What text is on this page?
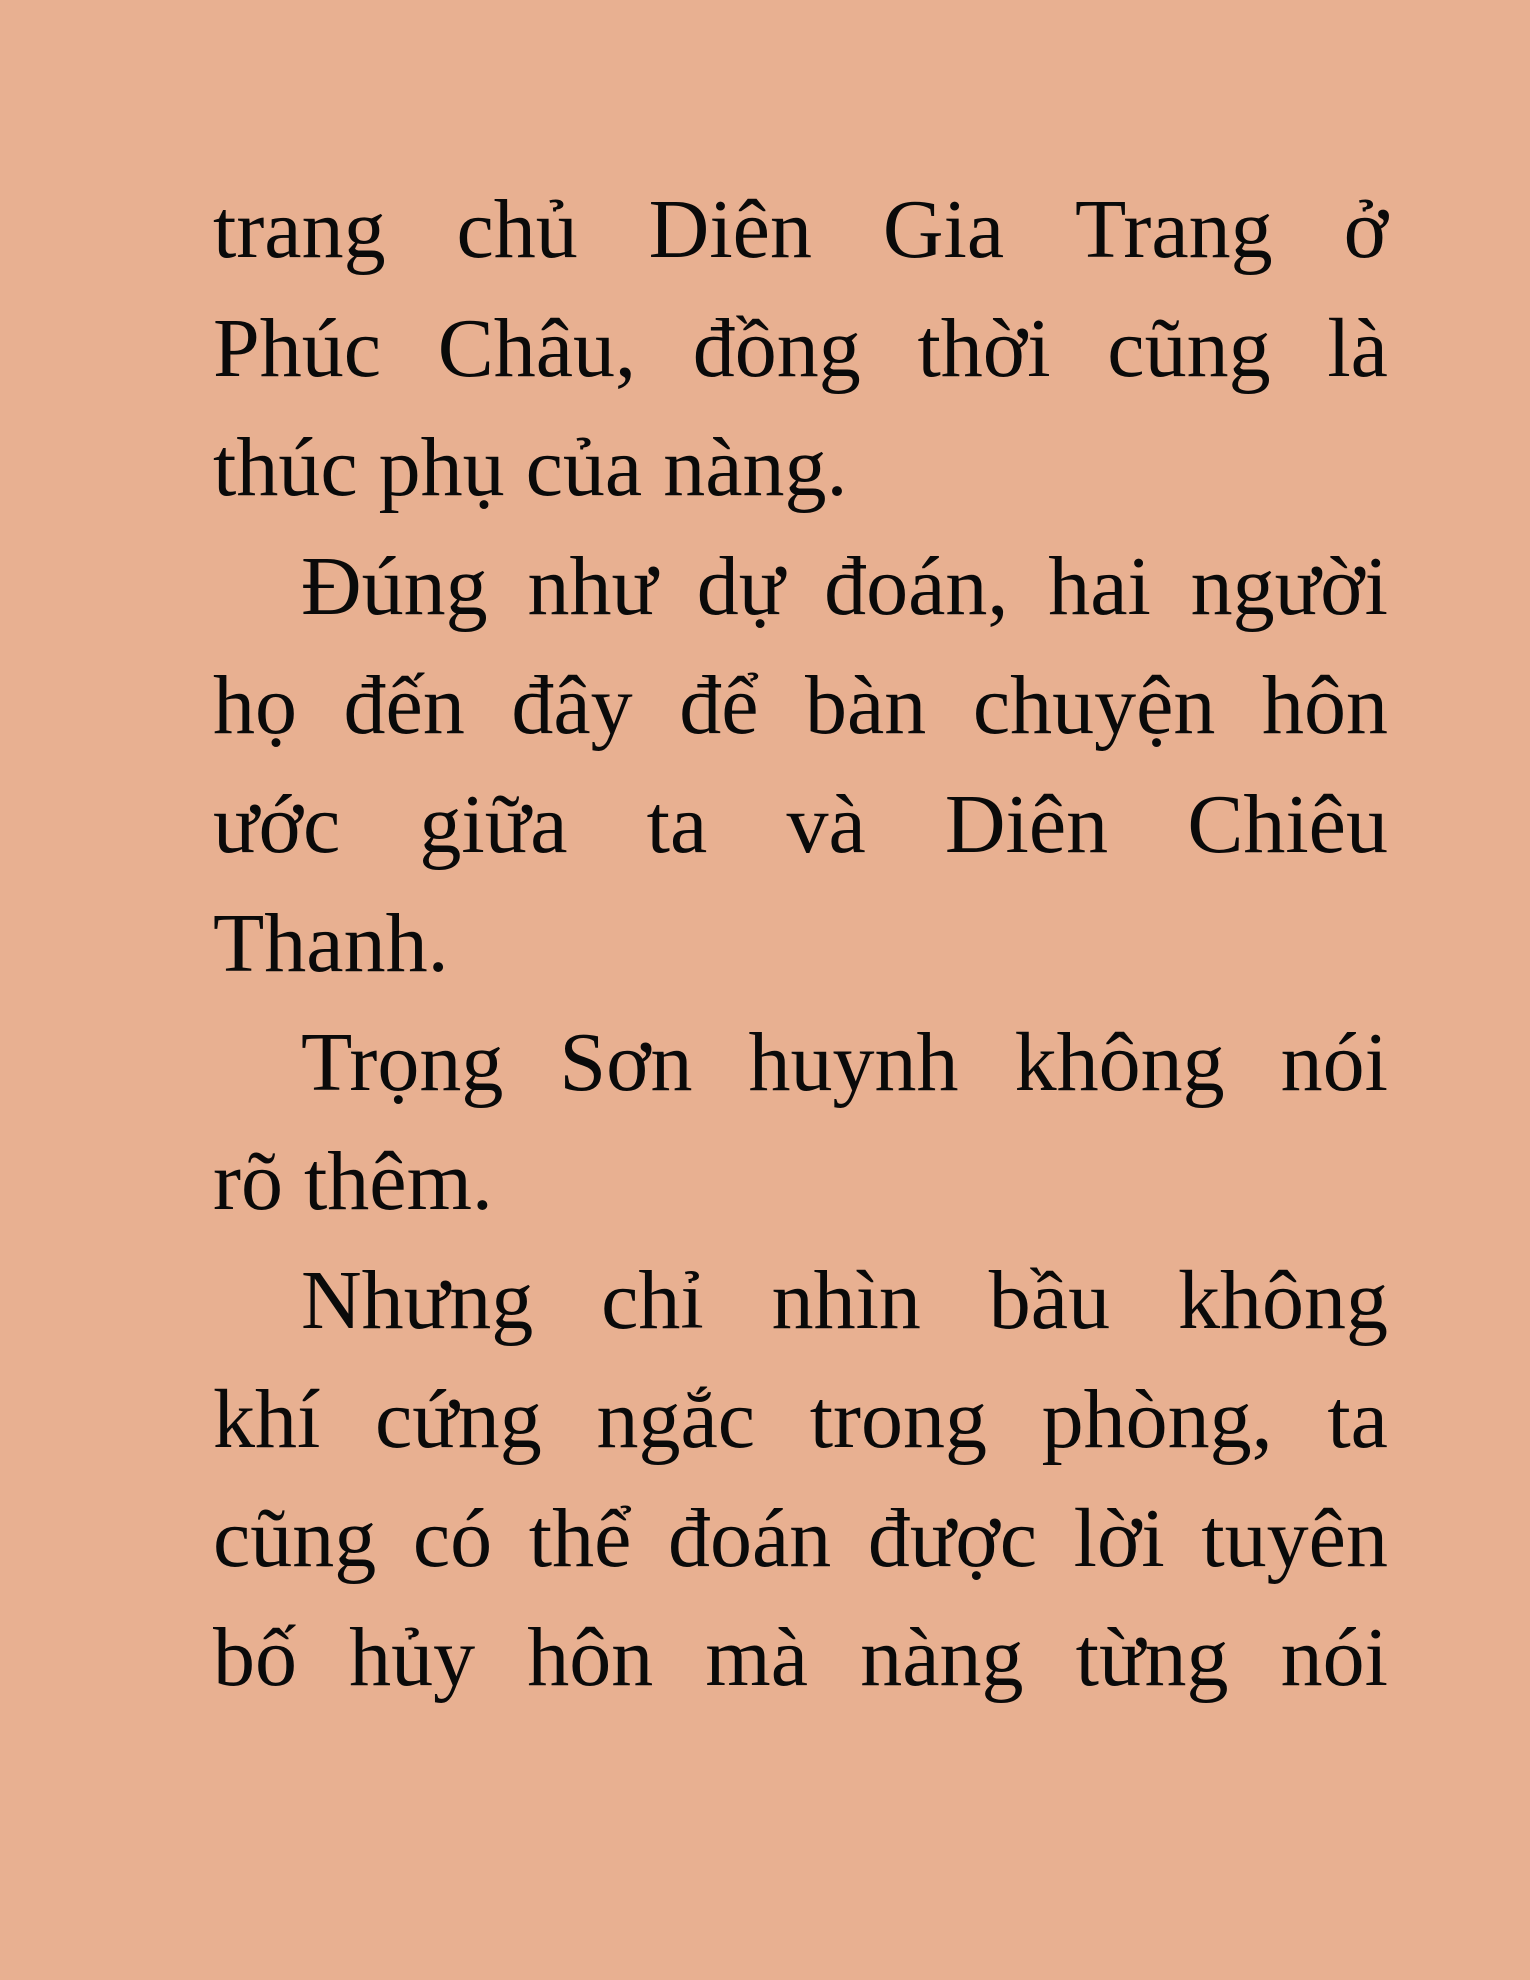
trang chủ Diên Gia Trang ở
Phúc Châu, đồng thời cũng là
thúc phụ của nàng.
Đúng như dự đoán, hai người
họ đến đây để bàn chuyện hôn
ước giữa ta và Diên Chiêu
Thanh.
Trọng Sơn huynh không nói
rõ thêm.
Nhưng chỉ nhìn bầu không
khí cứng ngắc trong phòng, ta
cũng có thể đoán được lời tuyên
bố hủy hôn mà nàng từng nói
